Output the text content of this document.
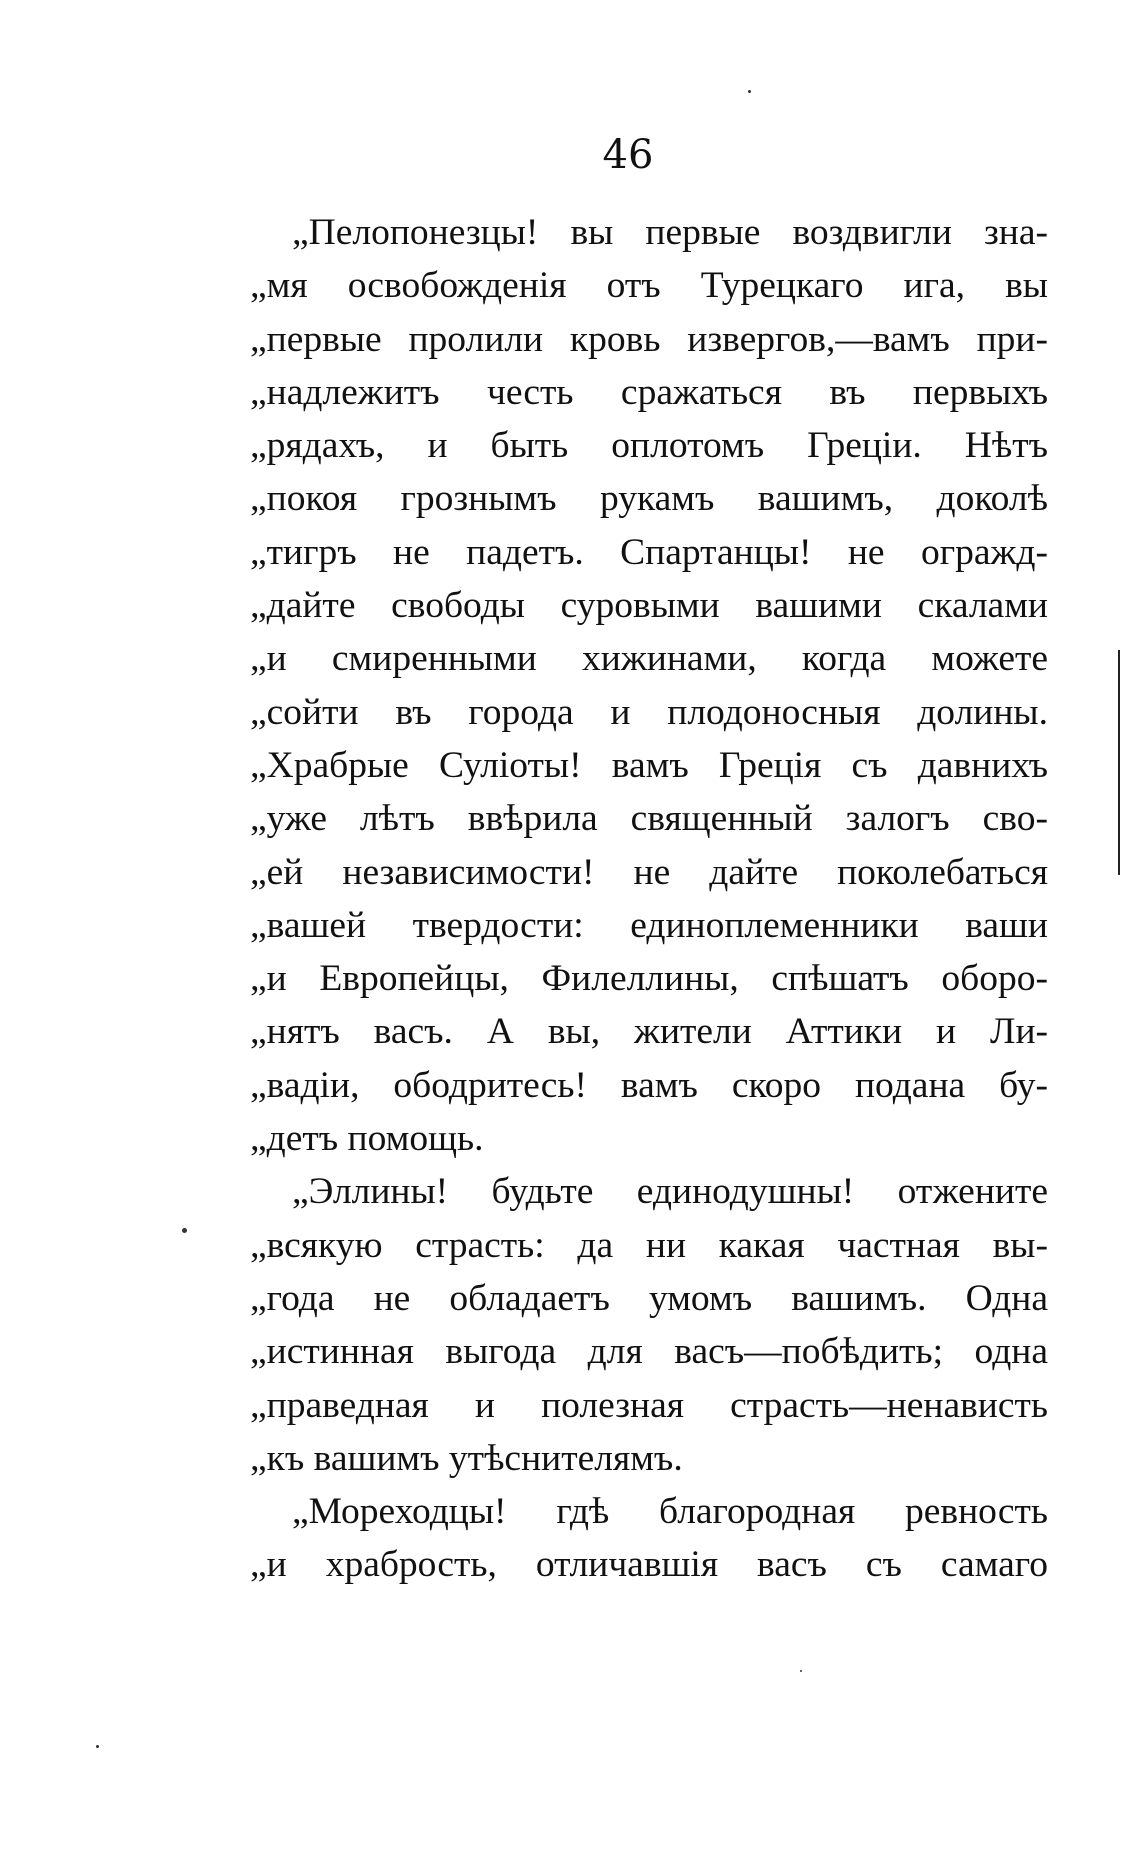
46
„Пелопонезцы! вы первые воздвигли зна-
„мя освобожденія отъ Турецкаго ига, вы
„первые пролили кровь извергов,—вамъ при-
„надлежитъ честь сражаться въ первыхъ
„рядахъ, и быть оплотомъ Греціи. Нѣтъ
„покоя грознымъ рукамъ вашимъ, доколѣ
„тигръ не падетъ. Спартанцы! не огражд-
„дайте свободы суровыми вашими скалами
„и смиренными хижинами, когда можете
„сойти въ города и плодоносныя долины.
„Храбрые Суліоты! вамъ Греція съ давнихъ
„уже лѣтъ ввѣрила священный залогъ сво-
„ей независимости! не дайте поколебаться
„вашей твердости: единоплеменники ваши
„и Европейцы, Филеллины, спѣшатъ оборо-
„нятъ васъ. А вы, жители Аттики и Ли-
„вадіи, ободритесь! вамъ скоро подана бу-
„детъ помощь.
„Эллины! будьте единодушны! отженитe
„всякую страсть: да ни какая частная вы-
„года не обладаетъ умомъ вашимъ. Одна
„истинная выгода для васъ—побѣдить; одна
„праведная и полезная страсть—ненависть
„къ вашимъ утѣснителямъ.
„Мореходцы! гдѣ благородная ревность
„и храбрость, отличавшія васъ съ самаго
